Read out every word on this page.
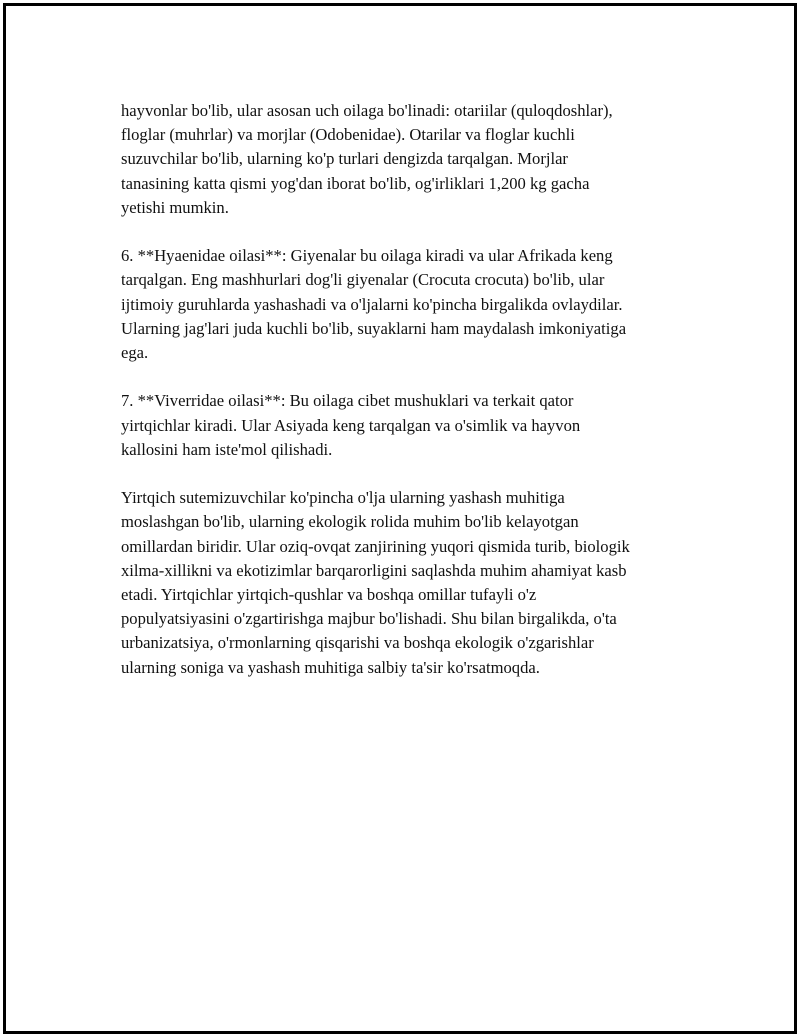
hayvonlar bo'lib, ular asosan uch oilaga bo'linadi: otariilar (quloqdoshlar),
floglar (muhrlar) va morjlar (Odobenidae). Otarilar va floglar kuchli
suzuvchilar bo'lib, ularning ko'p turlari dengizda tarqalgan. Morjlar
tanasining katta qismi yog'dan iborat bo'lib, og'irliklari 1,200 kg gacha
yetishi mumkin.

6. **Hyaenidae oilasi**: Giyenalar bu oilaga kiradi va ular Afrikada keng
tarqalgan. Eng mashhurlari dog'li giyenalar (Crocuta crocuta) bo'lib, ular
ijtimoiy guruhlarda yashashadi va o'ljalarni ko'pincha birgalikda ovlaydilar.
Ularning jag'lari juda kuchli bo'lib, suyaklarni ham maydalash imkoniyatiga
ega.

7. **Viverridae oilasi**: Bu oilaga cibet mushuklari va terkait qator
yirtqichlar kiradi. Ular Asiyada keng tarqalgan va o'simlik va hayvon
kallosini ham iste'mol qilishadi.

Yirtqich sutemizuvchilar ko'pincha o'lja ularning yashash muhitiga
moslashgan bo'lib, ularning ekologik rolida muhim bo'lib kelayotgan
omillardan biridir. Ular oziq-ovqat zanjirining yuqori qismida turib, biologik
xilma-xillikni va ekotizimlar barqarorligini saqlashda muhim ahamiyat kasb
etadi. Yirtqichlar yirtqich-qushlar va boshqa omillar tufayli o'z
populyatsiyasini o'zgartirishga majbur bo'lishadi. Shu bilan birgalikda, o'ta
urbanizatsiya, o'rmonlarning qisqarishi va boshqa ekologik o'zgarishlar
ularning soniga va yashash muhitiga salbiy ta'sir ko'rsatmoqda.
